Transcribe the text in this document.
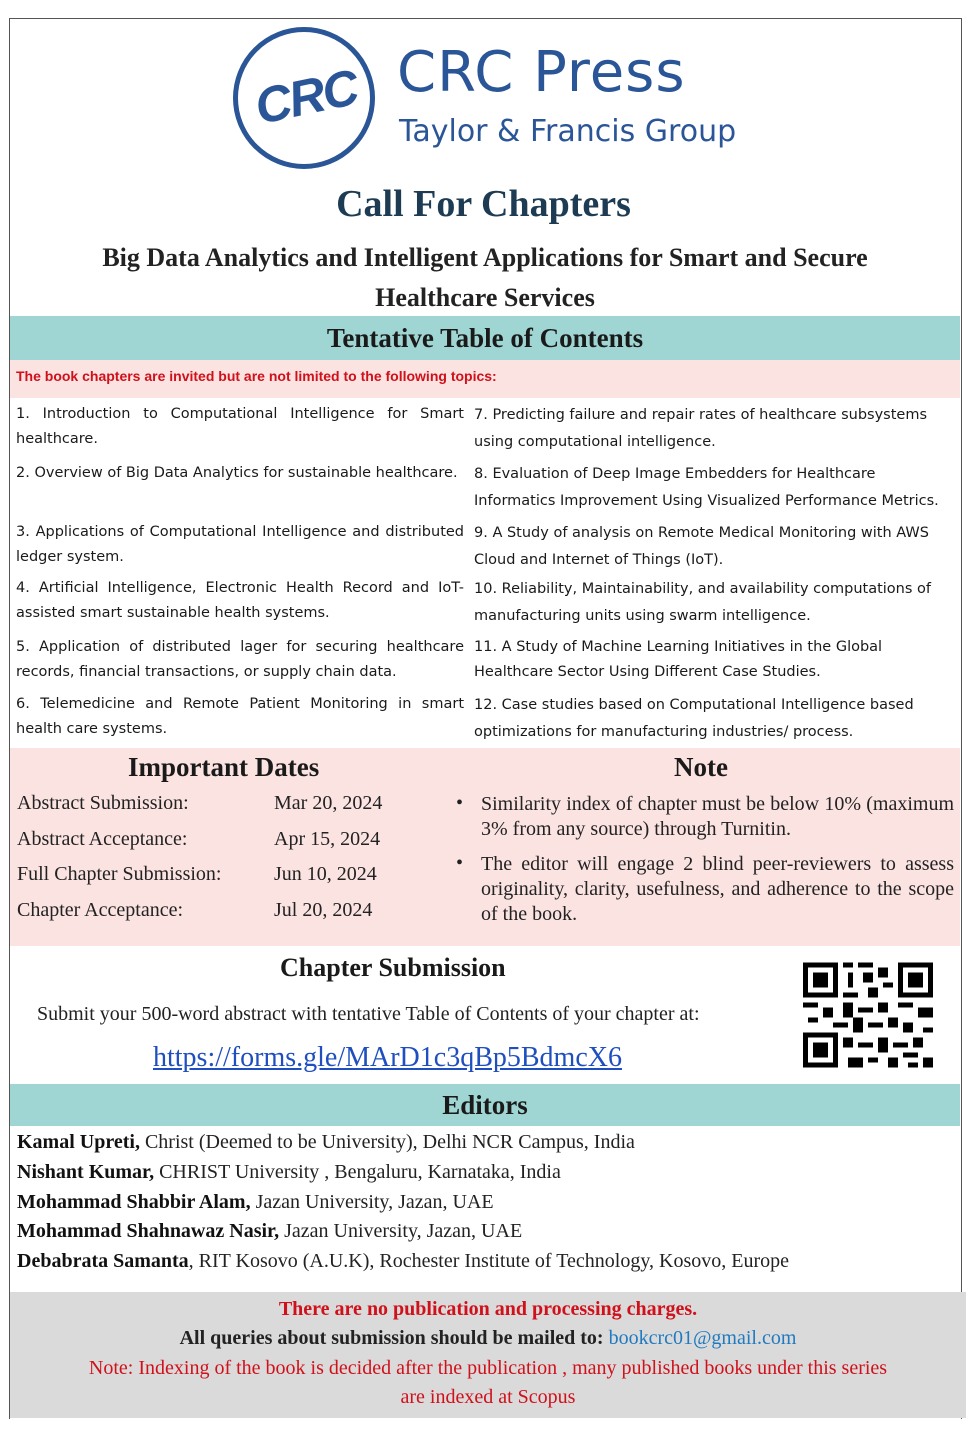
CRC CRC Press
Taylor & Francis Group
Call For Chapters
Big Data Analytics and Intelligent Applications for Smart and Secure
Healthcare Services
Tentative Table of Contents
The book chapters are invited but are not limited to the following topics:
1. Introduction to Computational Intelligence for Smart healthcare.
2. Overview of Big Data Analytics for sustainable healthcare.
3. Applications of Computational Intelligence and distributed ledger system.
4. Artificial Intelligence, Electronic Health Record and IoT-assisted smart sustainable health systems.
5. Application of distributed lager for securing healthcare records, financial transactions, or supply chain data.
6. Telemedicine and Remote Patient Monitoring in smart health care systems.
7. Predicting failure and repair rates of healthcare subsystems using computational intelligence.
8. Evaluation of Deep Image Embedders for Healthcare Informatics Improvement Using Visualized Performance Metrics.
9. A Study of analysis on Remote Medical Monitoring with AWS Cloud and Internet of Things (IoT).
10. Reliability, Maintainability, and availability computations of manufacturing units using swarm intelligence.
11. A Study of Machine Learning Initiatives in the Global Healthcare Sector Using Different Case Studies.
12. Case studies based on Computational Intelligence based optimizations for manufacturing industries/ process.
Important Dates
Abstract Submission:	Mar 20, 2024
Abstract Acceptance:	Apr 15, 2024
Full Chapter Submission:	Jun 10, 2024
Chapter Acceptance:	Jul 20, 2024
Note
• Similarity index of chapter must be below 10% (maximum 3% from any source) through Turnitin.
• The editor will engage 2 blind peer-reviewers to assess originality, clarity, usefulness, and adherence to the scope of the book.
Chapter Submission
Submit your 500-word abstract with tentative Table of Contents of your chapter at:
https://forms.gle/MArD1c3qBp5BdmcX6
Editors
Kamal Upreti, Christ (Deemed to be University), Delhi NCR Campus, India
Nishant Kumar, CHRIST University , Bengaluru, Karnataka, India
Mohammad Shabbir Alam, Jazan University, Jazan, UAE
Mohammad Shahnawaz Nasir, Jazan University, Jazan, UAE
Debabrata Samanta, RIT Kosovo (A.U.K), Rochester Institute of Technology, Kosovo, Europe
There are no publication and processing charges.
All queries about submission should be mailed to: bookcrc01@gmail.com
Note: Indexing of the book is decided after the publication , many published books under this series
are indexed at Scopus
